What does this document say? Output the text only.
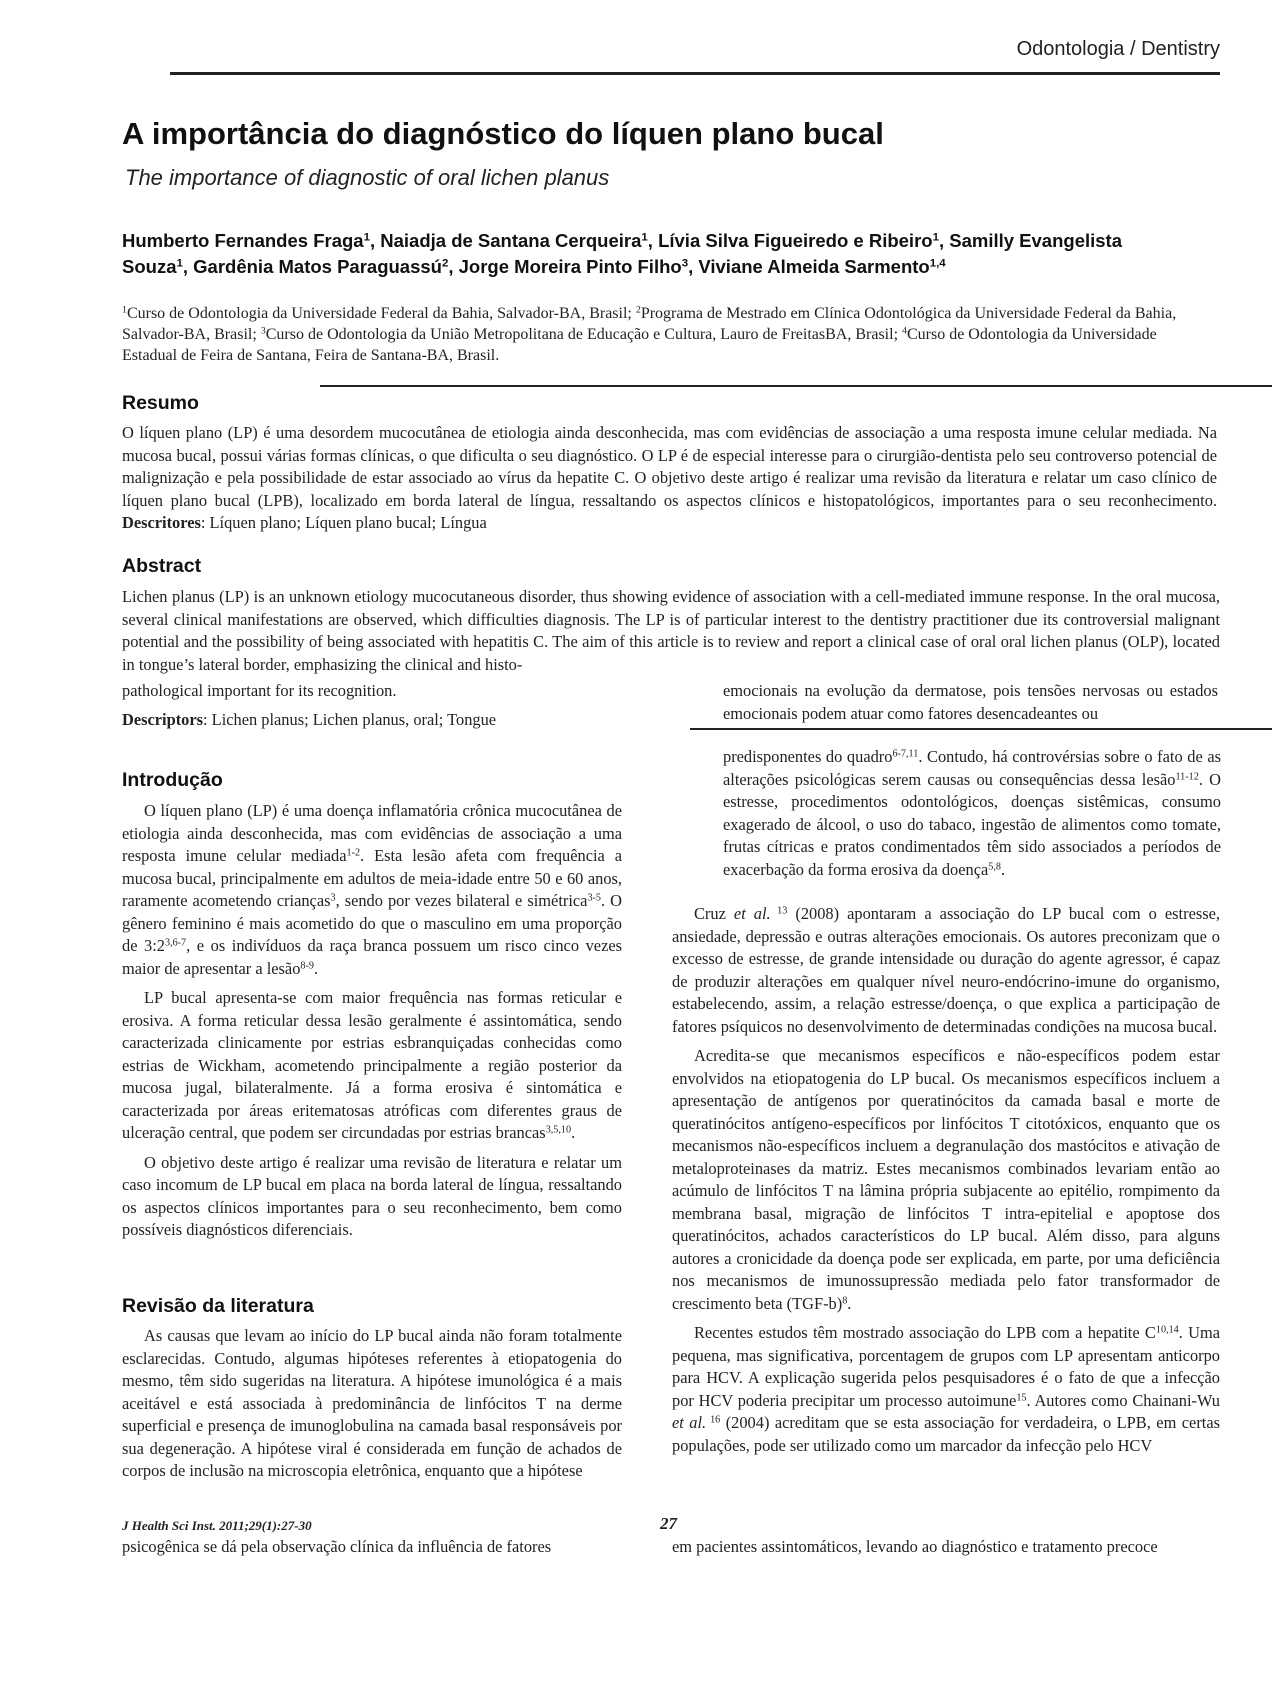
Odontologia / Dentistry
A importância do diagnóstico do líquen plano bucal
The importance of diagnostic of oral lichen planus
Humberto Fernandes Fraga$^1$, Naiadja de Santana Cerqueira$^1$, Lívia Silva Figueiredo e Ribeiro$^1$, Samilly Evangelista
Souza$^1$, Gardênia Matos Paraguassú$^2$, Jorge Moreira Pinto Filho$^3$, Viviane Almeida Sarmento$^{1,4}$
$^1$Curso de Odontologia da Universidade Federal da Bahia, Salvador-BA, Brasil; $^2$Programa de Mestrado em Clínica Odontológica da Universidade Federal da Bahia, Salvador-BA, Brasil; $^3$Curso de Odontologia da União Metropolitana de Educação e Cultura, Lauro de FreitasBA, Brasil; $^4$Curso de Odontologia da Universidade Estadual de Feira de Santana, Feira de Santana-BA, Brasil.
Resumo
O líquen plano (LP) é uma desordem mucocutânea de etiologia ainda desconhecida, mas com evidências de associação a uma resposta imune celular mediada. Na mucosa bucal, possui várias formas clínicas, o que dificulta o seu diagnóstico. O LP é de especial interesse para o cirurgião-dentista pelo seu controverso potencial de malignização e pela possibilidade de estar associado ao vírus da hepatite C. O objetivo deste artigo é realizar uma revisão da literatura e relatar um caso clínico de líquen plano bucal (LPB), localizado em borda lateral de língua, ressaltando os aspectos clínicos e histopatológicos, importantes para o seu reconhecimento. Descritores: Líquen plano; Líquen plano bucal; Língua
Abstract
Lichen planus (LP) is an unknown etiology mucocutaneous disorder, thus showing evidence of association with a cell-mediated immune response. In the oral mucosa, several clinical manifestations are observed, which difficulties diagnosis. The LP is of particular interest to the dentistry practitioner due its controversial malignant potential and the possibility of being associated with hepatitis C. The aim of this article is to review and report a clinical case of oral oral lichen planus (OLP), located in tongue’s lateral border, emphasizing the clinical and histo-
pathological important for its recognition.
Descriptors: Lichen planus; Lichen planus, oral; Tongue
emocionais na evolução da dermatose, pois tensões nervosas ou estados emocionais podem atuar como fatores desencadeantes ou
Introdução

O líquen plano (LP) é uma doença inflamatória crônica mucocutânea de etiologia ainda desconhecida, mas com evidências de associação a uma resposta imune celular mediada$^{1-2}$. Esta lesão afeta com frequência a mucosa bucal, principalmente em adultos de meia-idade entre 50 e 60 anos, raramente acometendo crianças$^3$, sendo por vezes bilateral e simétrica$^{3-5}$. O gênero feminino é mais acometido do que o masculino em uma proporção de 3:2$^{3,6-7}$, e os indivíduos da raça branca possuem um risco cinco vezes maior de apresentar a lesão$^{8-9}$.

LP bucal apresenta-se com maior frequência nas formas reticular e erosiva. A forma reticular dessa lesão geralmente é assintomática, sendo caracterizada clinicamente por estrias esbranquiçadas conhecidas como estrias de Wickham, acometendo principalmente a região posterior da mucosa jugal, bilateralmente. Já a forma erosiva é sintomática e caracterizada por áreas eritematosas atróficas com diferentes graus de ulceração central, que podem ser circundadas por estrias brancas$^{3,5,10}$.

O objetivo deste artigo é realizar uma revisão de literatura e relatar um caso incomum de LP bucal em placa na borda lateral de língua, ressaltando os aspectos clínicos importantes para o seu reconhecimento, bem como possíveis diagnósticos diferenciais.

Revisão da literatura

As causas que levam ao início do LP bucal ainda não foram totalmente esclarecidas. Contudo, algumas hipóteses referentes à etiopatogenia do mesmo, têm sido sugeridas na literatura. A hipótese imunológica é a mais aceitável e está associada à predominância de linfócitos T na derme superficial e presença de imunoglobulina na camada basal responsáveis por sua degeneração. A hipótese viral é considerada em função de achados de corpos de inclusão na microscopia eletrônica, enquanto que a hipótese

predisponentes do quadro$^{6-7,11}$. Contudo, há controvérsias sobre o fato de as alterações psicológicas serem causas ou consequências dessa lesão$^{11-12}$. O estresse, procedimentos odontológicos, doenças sistêmicas, consumo exagerado de álcool, o uso do tabaco, ingestão de alimentos como tomate, frutas cítricas e pratos condimentados têm sido associados a períodos de exacerbação da forma erosiva da doença$^{5,8}$.

Cruz et al. $^{13}$ (2008) apontaram a associação do LP bucal com o estresse, ansiedade, depressão e outras alterações emocionais. Os autores preconizam que o excesso de estresse, de grande intensidade ou duração do agente agressor, é capaz de produzir alterações em qualquer nível neuro-endócrino-imune do organismo, estabelecendo, assim, a relação estresse/doença, o que explica a participação de fatores psíquicos no desenvolvimento de determinadas condições na mucosa bucal.

Acredita-se que mecanismos específicos e não-específicos podem estar envolvidos na etiopatogenia do LP bucal. Os mecanismos específicos incluem a apresentação de antígenos por queratinócitos da camada basal e morte de queratinócitos antígeno-específicos por linfócitos T citotóxicos, enquanto que os mecanismos não-específicos incluem a degranulação dos mastócitos e ativação de metaloproteinases da matriz. Estes mecanismos combinados levariam então ao acúmulo de linfócitos T na lâmina própria subjacente ao epitélio, rompimento da membrana basal, migração de linfócitos T intra-epitelial e apoptose dos queratinócitos, achados característicos do LP bucal. Além disso, para alguns autores a cronicidade da doença pode ser explicada, em parte, por uma deficiência nos mecanismos de imunossupressão mediada pelo fator transformador de crescimento beta $(TGF-b)^8$.

Recentes estudos têm mostrado associação do LPB com a hepatite C$^{10,14}$. Uma pequena, mas significativa, porcentagem de grupos com LP apresentam anticorpo para HCV. A explicação sugerida pelos pesquisadores é o fato de que a infecção por HCV poderia precipitar um processo autoimune$^{15}$. Autores como Chainani-Wu et al. $^{16}$ (2004) acreditam que se esta associação for verdadeira, o LPB, em certas populações, pode ser utilizado como um marcador da infecção pelo HCV

J Health Sci Inst. 2011;29(1):27-30	27
psicogênica se dá pela observação clínica da influência de fatores	em pacientes assintomáticos, levando ao diagnóstico e tratamento precoce
